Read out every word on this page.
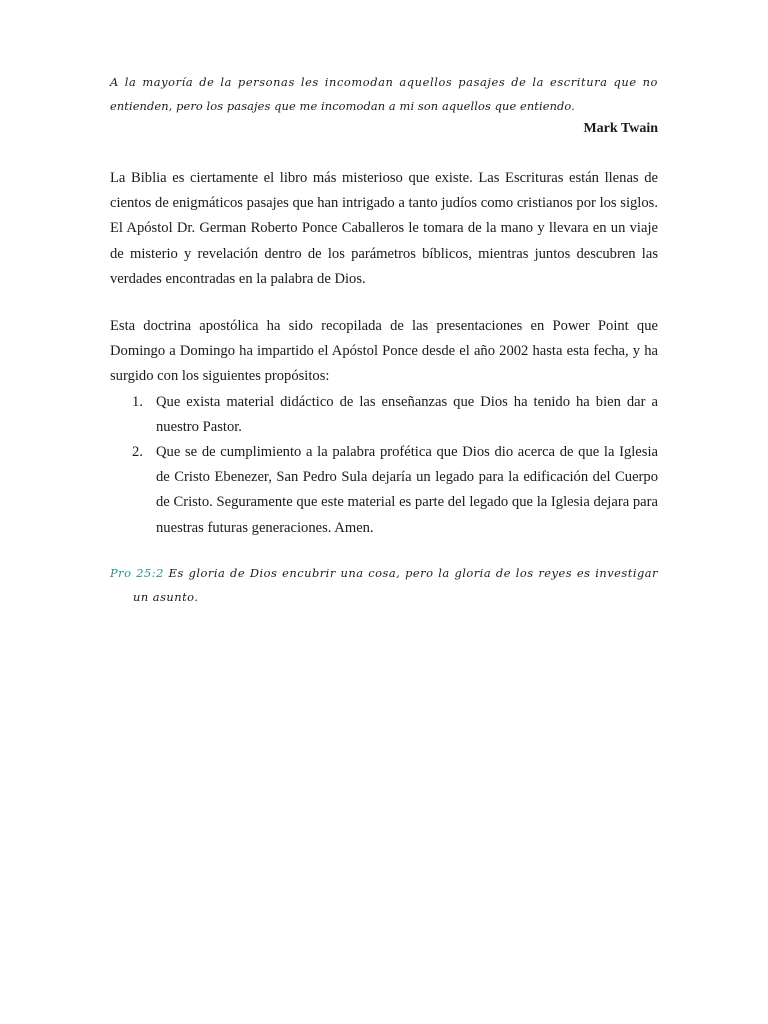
A la mayoría de la personas les incomodan aquellos pasajes de la escritura que no

entienden, pero los pasajes que me incomodan a mi son aquellos que entiendo.

Mark Twain

La Biblia es ciertamente el libro más misterioso que existe. Las Escrituras están llenas de cientos de enigmáticos pasajes que han intrigado a tanto judíos como cristianos por los siglos. El Apóstol Dr. German Roberto Ponce Caballeros le tomara de la mano y llevara en un viaje de misterio y revelación dentro de los parámetros bíblicos, mientras juntos descubren las verdades encontradas en la palabra de Dios.

Esta doctrina apostólica ha sido recopilada de las presentaciones en Power Point que Domingo a Domingo ha impartido el Apóstol Ponce desde el año 2002 hasta esta fecha, y ha surgido con los siguientes propósitos:

1. Que exista material didáctico de las enseñanzas que Dios ha tenido ha bien dar a nuestro Pastor.
2. Que se de cumplimiento a la palabra profética que Dios dio acerca de que la Iglesia de Cristo Ebenezer, San Pedro Sula dejaría un legado para la edificación del Cuerpo de Cristo. Seguramente que este material es parte del legado que la Iglesia dejara para nuestras futuras generaciones. Amen.

Pro 25:2 Es gloria de Dios encubrir una cosa, pero la gloria de los reyes es investigar un asunto.
